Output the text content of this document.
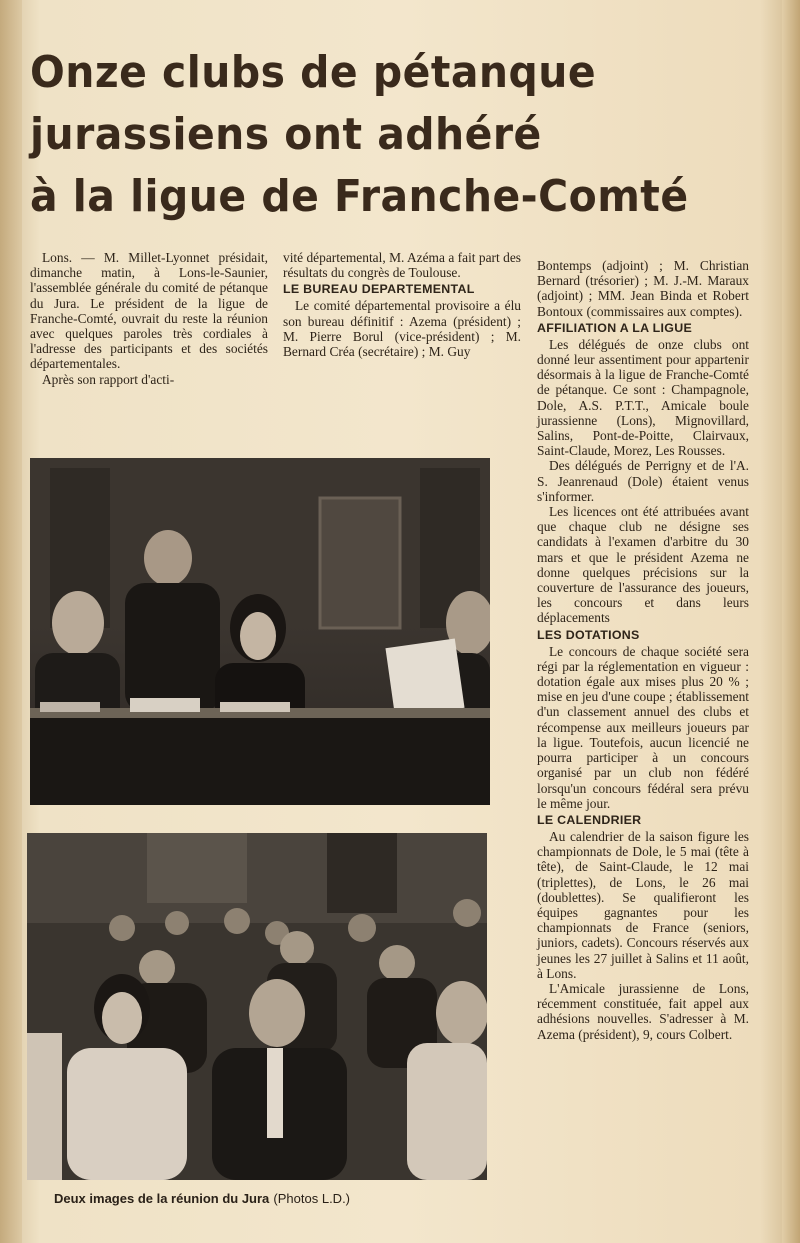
Onze clubs de pétanque
jurassiens ont adhéré
à la ligue de Franche-Comté

Lons. — M. Millet-Lyonnet présidait, dimanche matin, à Lons-le-Saunier, l'assemblée générale du comité de pétanque du Jura. Le président de la ligue de Franche-Comté, ouvrait du reste la réunion avec quelques paroles très cordiales à l'adresse des participants et des sociétés départementales.

Après son rapport d'acti-

vité départemental, M. Azéma a fait part des résultats du congrès de Toulouse.

LE BUREAU DEPARTEMENTAL

Le comité départemental provisoire a élu son bureau définitif : Azema (président) ; M. Pierre Borul (vice-président) ; M. Bernard Créa (secrétaire) ; M. Guy

Bontemps (adjoint) ; M. Christian Bernard (trésorier) ; M. J.-M. Maraux (adjoint) ; MM. Jean Binda et Robert Bontoux (commissaires aux comptes).

AFFILIATION A LA LIGUE

Les délégués de onze clubs ont donné leur assentiment pour appartenir désormais à la ligue de Franche-Comté de pétanque. Ce sont : Champagnole, Dole, A.S. P.T.T., Amicale boule jurassienne (Lons), Mignovillard, Salins, Pont-de-Poitte, Clairvaux, Saint-Claude, Morez, Les Rousses.

Des délégués de Perrigny et de l'A. S. Jeanrenaud (Dole) étaient venus s'informer.

Les licences ont été attribuées avant que chaque club ne désigne ses candidats à l'examen d'arbitre du 30 mars et que le président Azema ne donne quelques précisions sur la couverture de l'assurance des joueurs, les concours et dans leurs déplacements

LES DOTATIONS

Le concours de chaque société sera régi par la réglementation en vigueur : dotation égale aux mises plus 20 % ; mise en jeu d'une coupe ; établissement d'un classement annuel des clubs et récompense aux meilleurs joueurs par la ligue. Toutefois, aucun licencié ne pourra participer à un concours organisé par un club non fédéré lorsqu'un concours fédéral sera prévu le même jour.

LE CALENDRIER

Au calendrier de la saison figure les championnats de Dole, le 5 mai (tête à tête), de Saint-Claude, le 12 mai (triplettes), de Lons, le 26 mai (doublettes). Se qualifieront les équipes gagnantes pour les championnats de France (seniors, juniors, cadets). Concours réservés aux jeunes les 27 juillet à Salins et 11 août, à Lons.

L'Amicale jurassienne de Lons, récemment constituée, fait appel aux adhésions nouvelles. S'adresser à M. Azema (président), 9, cours Colbert.

Deux images de la réunion du Jura (Photos L.D.)
